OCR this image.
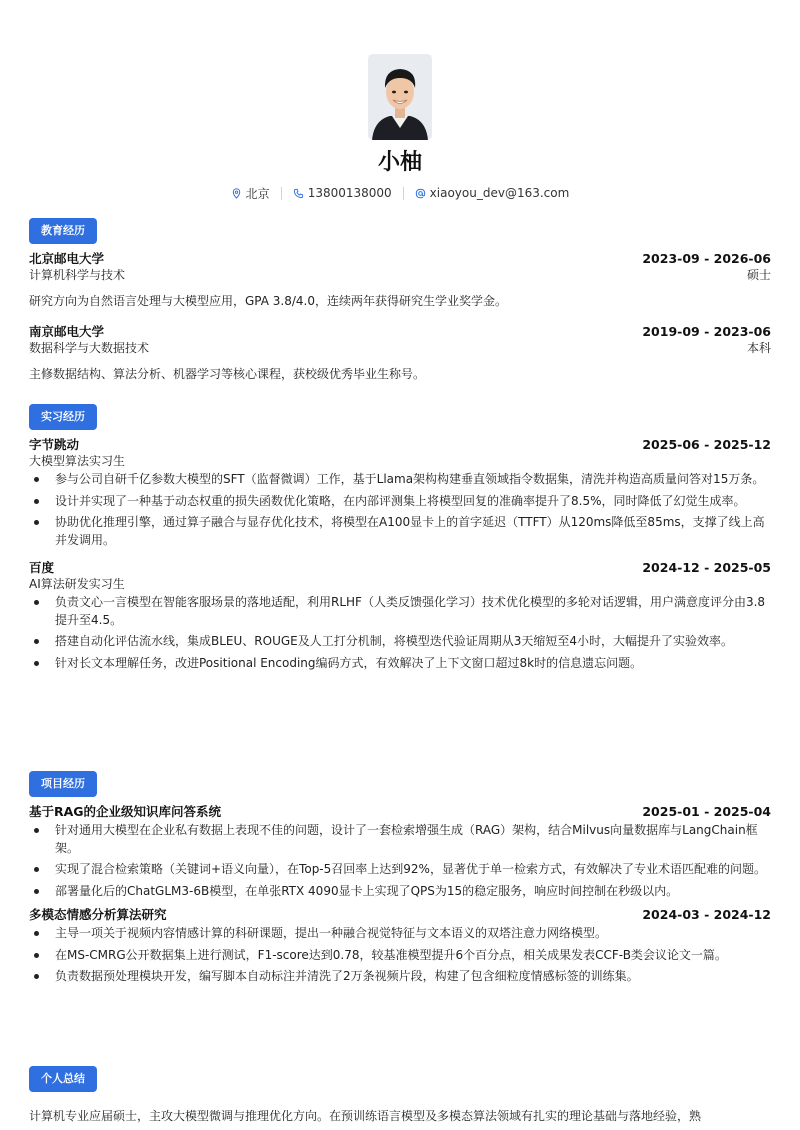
小柚
北京	13800138000	xiaoyou_dev@163.com
教育经历
北京邮电大学	2023-09 - 2026-06
计算机科学与技术	硕士
研究方向为自然语言处理与大模型应用，GPA 3.8/4.0，连续两年获得研究生学业奖学金。
南京邮电大学	2019-09 - 2023-06
数据科学与大数据技术	本科
主修数据结构、算法分析、机器学习等核心课程，获校级优秀毕业生称号。
实习经历
字节跳动	2025-06 - 2025-12
大模型算法实习生
参与公司自研千亿参数大模型的SFT（监督微调）工作，基于Llama架构构建垂直领域指令数据集，清洗并构造高质量问答对15万条。
设计并实现了一种基于动态权重的损失函数优化策略，在内部评测集上将模型回复的准确率提升了8.5%，同时降低了幻觉生成率。
协助优化推理引擎，通过算子融合与显存优化技术，将模型在A100显卡上的首字延迟（TTFT）从120ms降低至85ms，支撑了线上高并发调用。
百度	2024-12 - 2025-05
AI算法研发实习生
负责文心一言模型在智能客服场景的落地适配，利用RLHF（人类反馈强化学习）技术优化模型的多轮对话逻辑，用户满意度评分由3.8提升至4.5。
搭建自动化评估流水线，集成BLEU、ROUGE及人工打分机制，将模型迭代验证周期从3天缩短至4小时，大幅提升了实验效率。
针对长文本理解任务，改进Positional Encoding编码方式，有效解决了上下文窗口超过8k时的信息遗忘问题。
项目经历
基于RAG的企业级知识库问答系统	2025-01 - 2025-04
针对通用大模型在企业私有数据上表现不佳的问题，设计了一套检索增强生成（RAG）架构，结合Milvus向量数据库与LangChain框架。
实现了混合检索策略（关键词+语义向量），在Top-5召回率上达到92%，显著优于单一检索方式，有效解决了专业术语匹配难的问题。
部署量化后的ChatGLM3-6B模型，在单张RTX 4090显卡上实现了QPS为15的稳定服务，响应时间控制在秒级以内。
多模态情感分析算法研究	2024-03 - 2024-12
主导一项关于视频内容情感计算的科研课题，提出一种融合视觉特征与文本语义的双塔注意力网络模型。
在MS-CMRG公开数据集上进行测试，F1-score达到0.78，较基准模型提升6个百分点，相关成果发表CCF-B类会议论文一篇。
负责数据预处理模块开发，编写脚本自动标注并清洗了2万条视频片段，构建了包含细粒度情感标签的训练集。
个人总结
计算机专业应届硕士，主攻大模型微调与推理优化方向。在预训练语言模型及多模态算法领域有扎实的理论基础与落地经验，熟
